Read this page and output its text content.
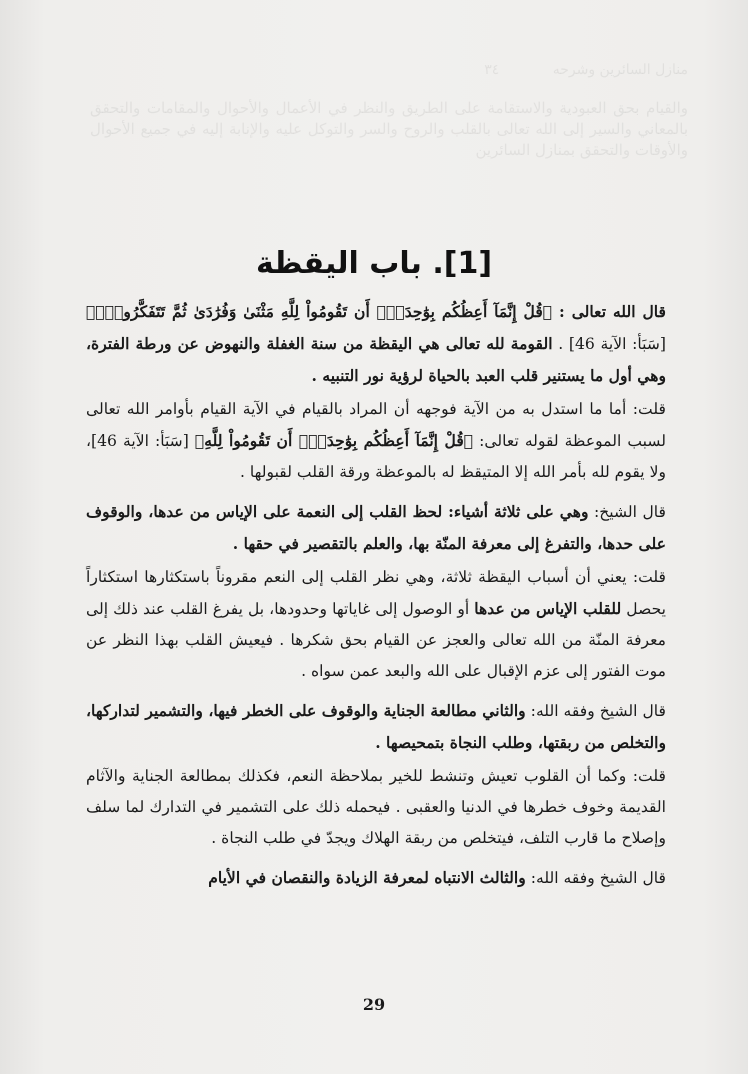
منازل السائرين وشرحه            ٣٤
والقيام بحق العبودية والاستقامة على الطريق والنظر في الأعمال والأحوال والمقامات والتحقق بالمعاني والسير إلى الله تعالى بالقلب والروح والسر والتوكل عليه والإنابة إليه في جميع الأحوال والأوقات والتحقق بمنازل السائرين
[1]. باب اليقظة

قال الله تعالى : ﴿قُلْ إِنَّمَآ أَعِظُكُم بِوَٰحِدَةٍۖ أَن تَقُومُواْ لِلَّهِ مَثْنَىٰ وَفُرَٰدَىٰ ثُمَّ تَتَفَكَّرُواْۚ﴾ [سَبَأ: الآية 46] . القومة لله تعالى هي اليقظة من سنة الغفلة والنهوض عن ورطة الفترة، وهي أول ما يستنير قلب العبد بالحياة لرؤية نور التنبيه .

قلت: أما ما استدل به من الآية فوجهه أن المراد بالقيام في الآية القيام بأوامر الله تعالى لسبب الموعظة لقوله تعالى: ﴿قُلْ إِنَّمَآ أَعِظُكُم بِوَٰحِدَةٍۖ أَن تَقُومُواْ لِلَّهِ﴾ [سَبَأ: الآية 46]، ولا يقوم لله بأمر الله إلا المتيقظ له بالموعظة ورقة القلب لقبولها .

قال الشيخ: وهي على ثلاثة أشياء: لحظ القلب إلى النعمة على الإياس من عدها، والوقوف على حدها، والتفرغ إلى معرفة المنّة بها، والعلم بالتقصير في حقها .

قلت: يعني أن أسباب اليقظة ثلاثة، وهي نظر القلب إلى النعم مقروناً باستكثارها استكثاراً يحصل للقلب الإياس من عدها أو الوصول إلى غاياتها وحدودها، بل يفرغ القلب عند ذلك إلى معرفة المنّة من الله تعالى والعجز عن القيام بحق شكرها . فيعيش القلب بهذا النظر عن موت الفتور إلى عزم الإقبال على الله والبعد عمن سواه .

قال الشيخ وفقه الله: والثاني مطالعة الجناية والوقوف على الخطر فيها، والتشمير لتداركها، والتخلص من ربقتها، وطلب النجاة بتمحيصها .

قلت: وكما أن القلوب تعيش وتنشط للخير بملاحظة النعم، فكذلك بمطالعة الجناية والآثام القديمة وخوف خطرها في الدنيا والعقبى . فيحمله ذلك على التشمير في التدارك لما سلف وإصلاح ما قارب التلف، فيتخلص من ربقة الهلاك ويجدّ في طلب النجاة .

قال الشيخ وفقه الله: والثالث الانتباه لمعرفة الزيادة والنقصان في الأيام

29
